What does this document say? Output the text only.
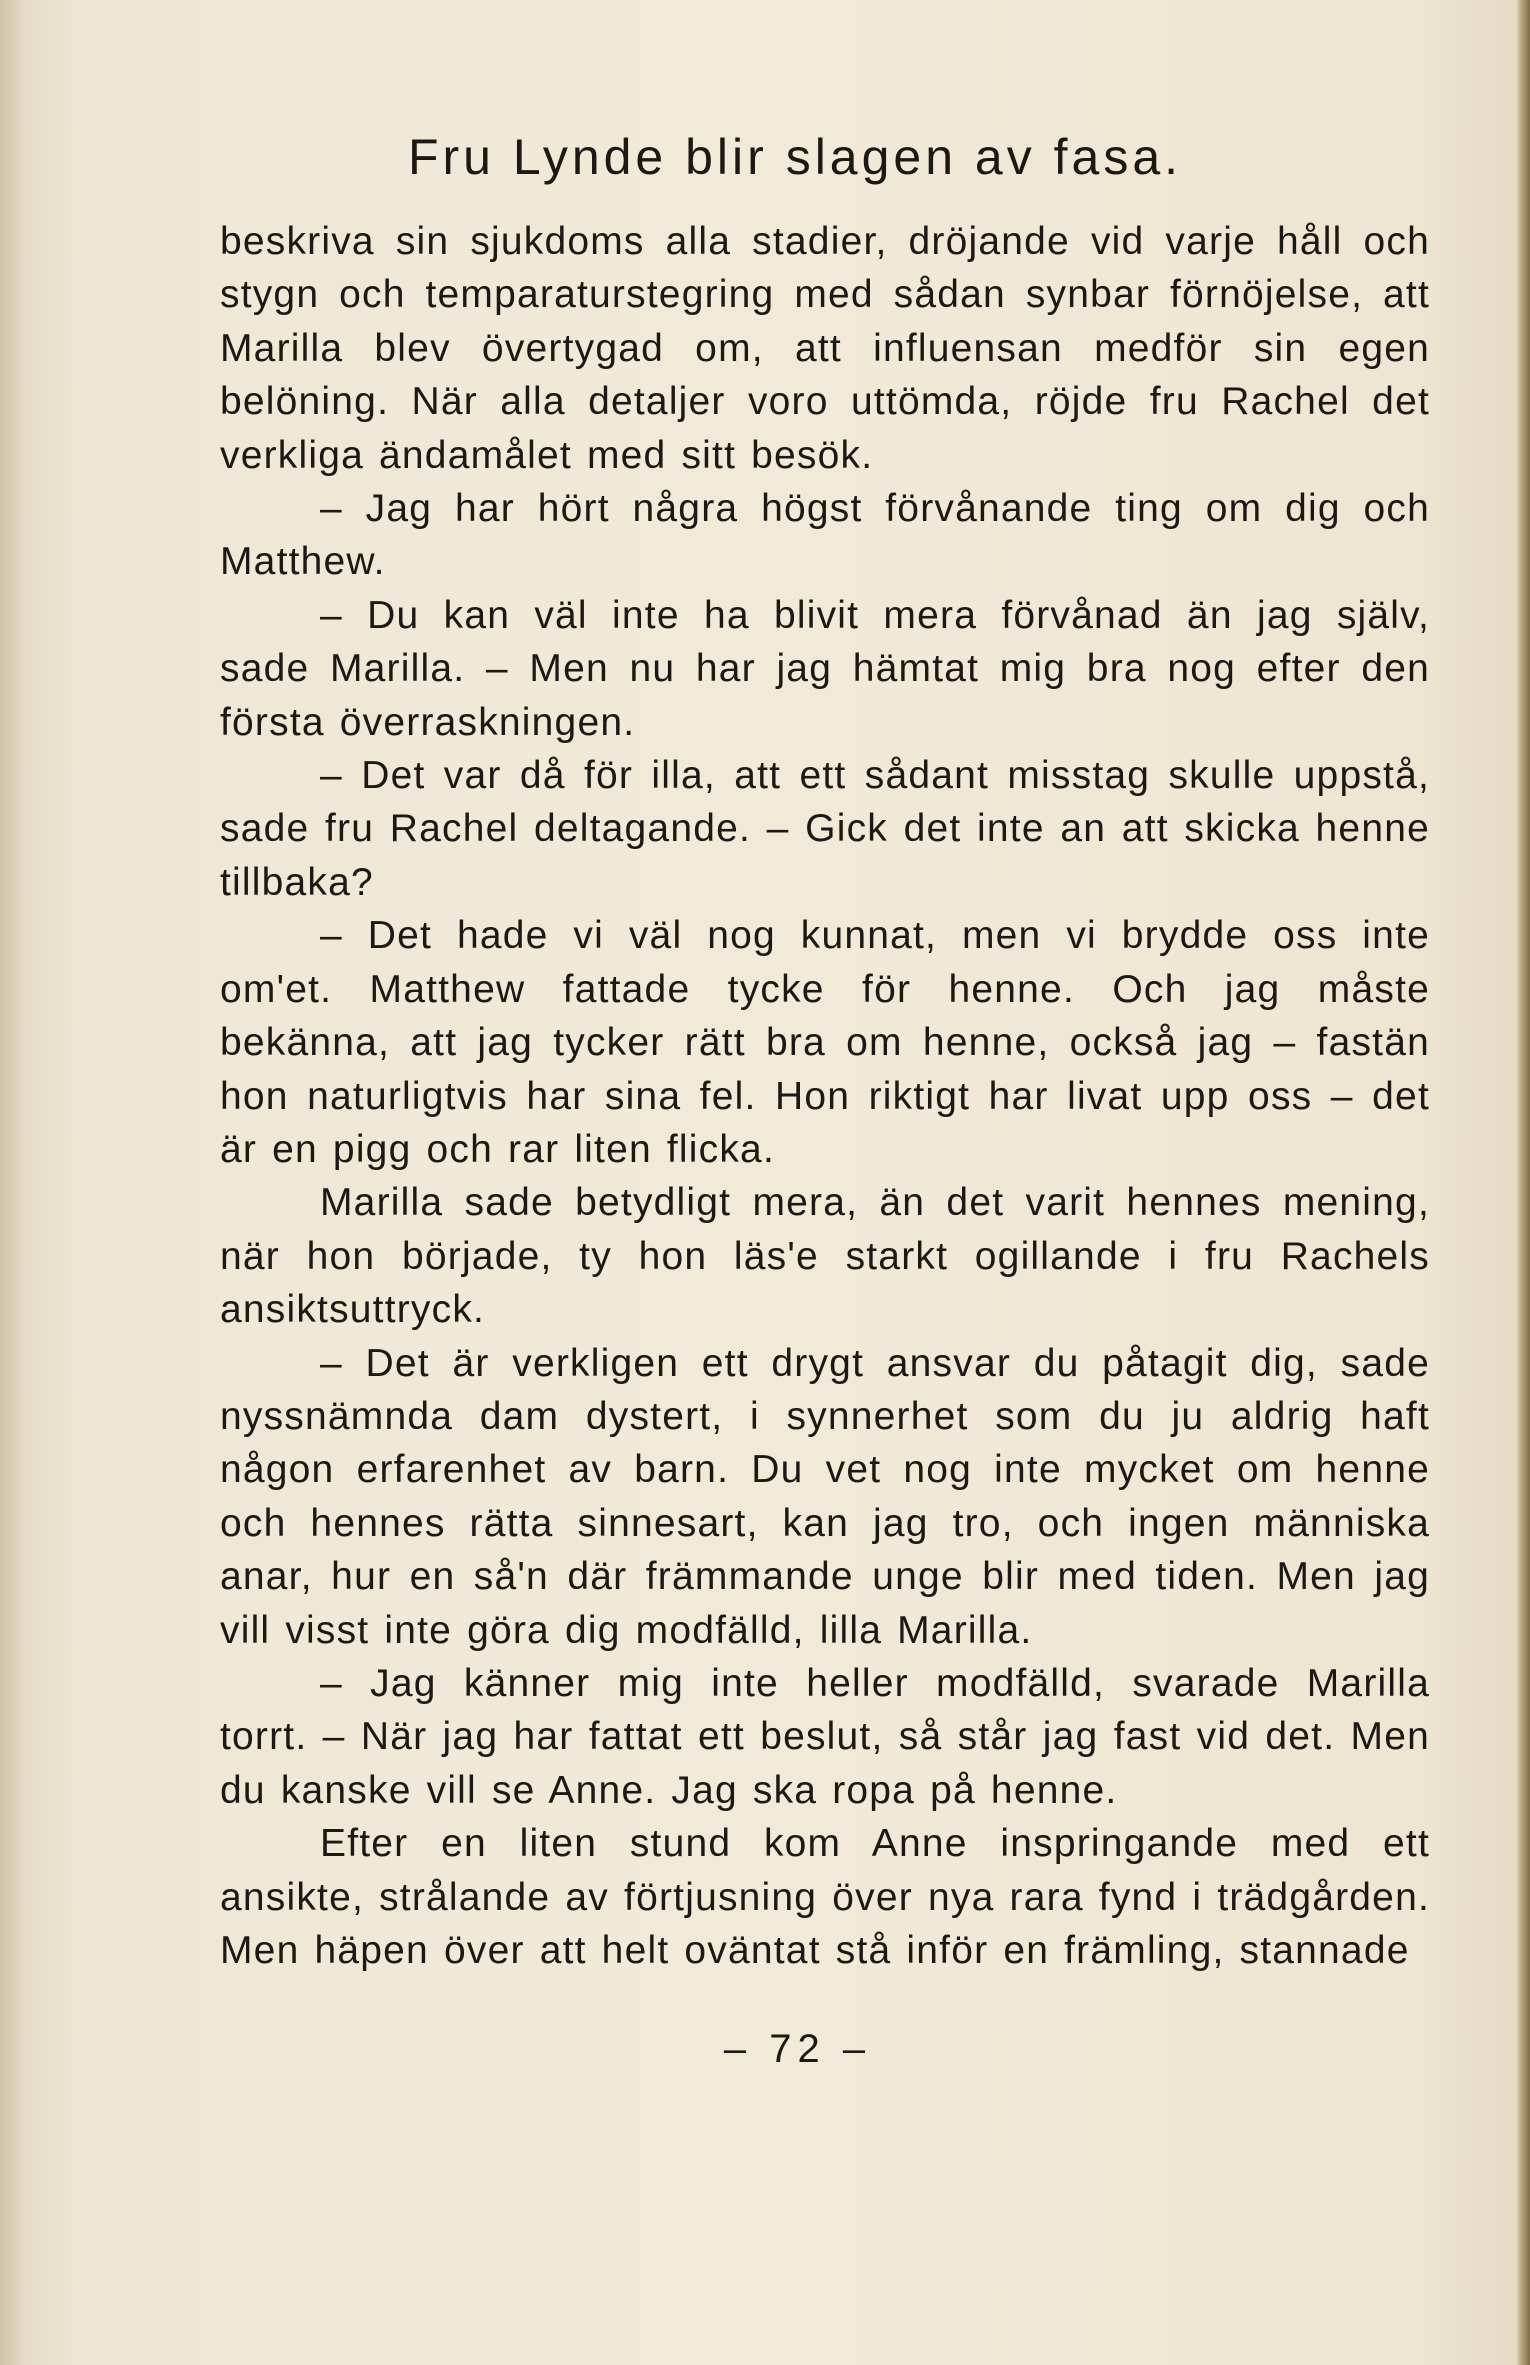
Fru Lynde blir slagen av fasa.

beskriva sin sjukdoms alla stadier, dröjande vid varje håll och stygn och temparaturstegring med sådan synbar förnöjelse, att Marilla blev övertygad om, att influensan medför sin egen belöning. När alla detaljer voro uttömda, röjde fru Rachel det verkliga ändamålet med sitt besök.

– Jag har hört några högst förvånande ting om dig och Matthew.

– Du kan väl inte ha blivit mera förvånad än jag själv, sade Marilla. – Men nu har jag hämtat mig bra nog efter den första överraskningen.

– Det var då för illa, att ett sådant misstag skulle uppstå, sade fru Rachel deltagande. – Gick det inte an att skicka henne tillbaka?

– Det hade vi väl nog kunnat, men vi brydde oss inte om'et. Matthew fattade tycke för henne. Och jag måste bekänna, att jag tycker rätt bra om henne, också jag – fastän hon naturligtvis har sina fel. Hon riktigt har livat upp oss – det är en pigg och rar liten flicka.

Marilla sade betydligt mera, än det varit hennes mening, när hon började, ty hon läs'e starkt ogillande i fru Rachels ansiktsuttryck.

– Det är verkligen ett drygt ansvar du påtagit dig, sade nyssnämnda dam dystert, i synnerhet som du ju aldrig haft någon erfarenhet av barn. Du vet nog inte mycket om henne och hennes rätta sinnesart, kan jag tro, och ingen människa anar, hur en så'n där främmande unge blir med tiden. Men jag vill visst inte göra dig modfälld, lilla Marilla.

– Jag känner mig inte heller modfälld, svarade Marilla torrt. – När jag har fattat ett beslut, så står jag fast vid det. Men du kanske vill se Anne. Jag ska ropa på henne.

Efter en liten stund kom Anne inspringande med ett ansikte, strålande av förtjusning över nya rara fynd i trädgården. Men häpen över att helt oväntat stå inför en främling, stannade

– 72 –
